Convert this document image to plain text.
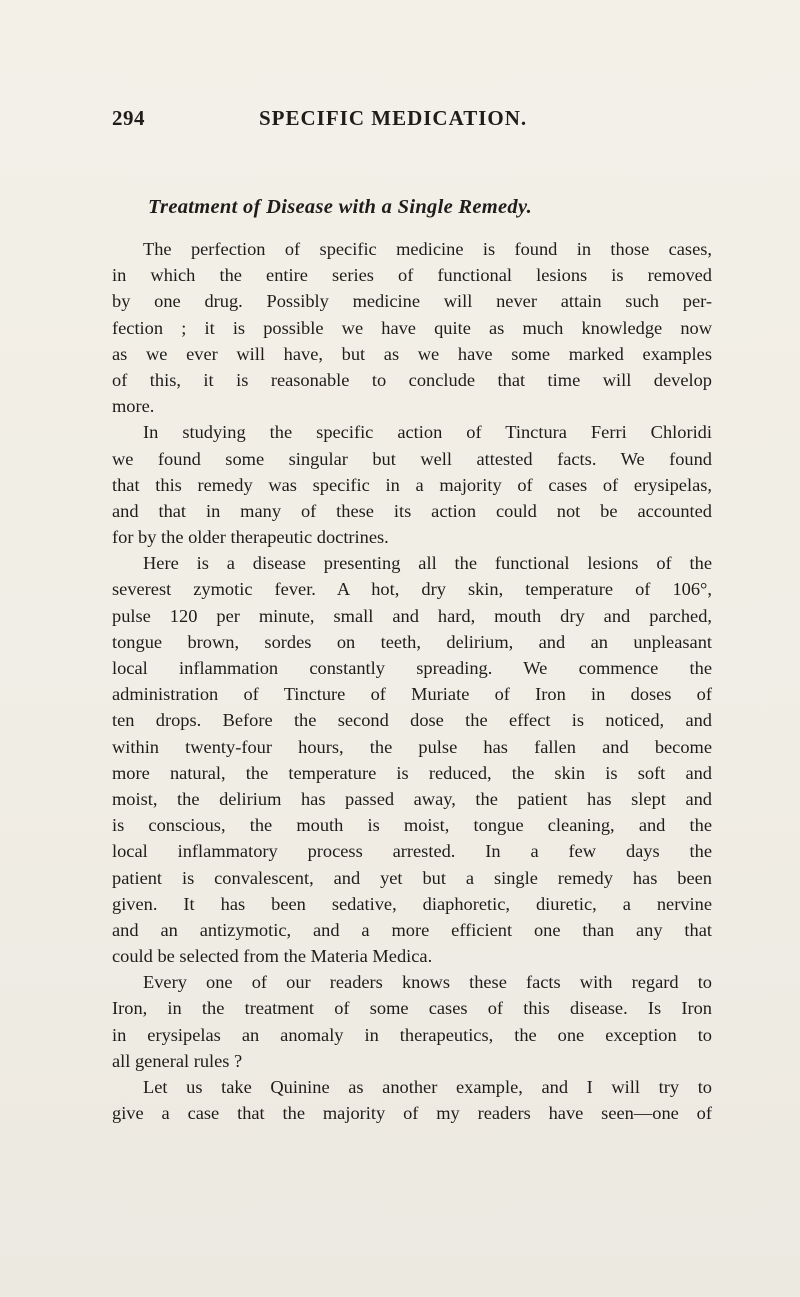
294	SPECIFIC MEDICATION.
Treatment of Disease with a Single Remedy.
The perfection of specific medicine is found in those cases,
in which the entire series of functional lesions is removed
by one drug. Possibly medicine will never attain such per-
fection ; it is possible we have quite as much knowledge now
as we ever will have, but as we have some marked examples
of this, it is reasonable to conclude that time will develop
more.
In studying the specific action of Tinctura Ferri Chloridi
we found some singular but well attested facts. We found
that this remedy was specific in a majority of cases of erysipelas,
and that in many of these its action could not be accounted
for by the older therapeutic doctrines.
Here is a disease presenting all the functional lesions of the
severest zymotic fever. A hot, dry skin, temperature of 106°,
pulse 120 per minute, small and hard, mouth dry and parched,
tongue brown, sordes on teeth, delirium, and an unpleasant
local inflammation constantly spreading. We commence the
administration of Tincture of Muriate of Iron in doses of
ten drops. Before the second dose the effect is noticed, and
within twenty-four hours, the pulse has fallen and become
more natural, the temperature is reduced, the skin is soft and
moist, the delirium has passed away, the patient has slept and
is conscious, the mouth is moist, tongue cleaning, and the
local inflammatory process arrested. In a few days the
patient is convalescent, and yet but a single remedy has been
given. It has been sedative, diaphoretic, diuretic, a nervine
and an antizymotic, and a more efficient one than any that
could be selected from the Materia Medica.
Every one of our readers knows these facts with regard to
Iron, in the treatment of some cases of this disease. Is Iron
in erysipelas an anomaly in therapeutics, the one exception to
all general rules ?
Let us take Quinine as another example, and I will try to
give a case that the majority of my readers have seen—one of
